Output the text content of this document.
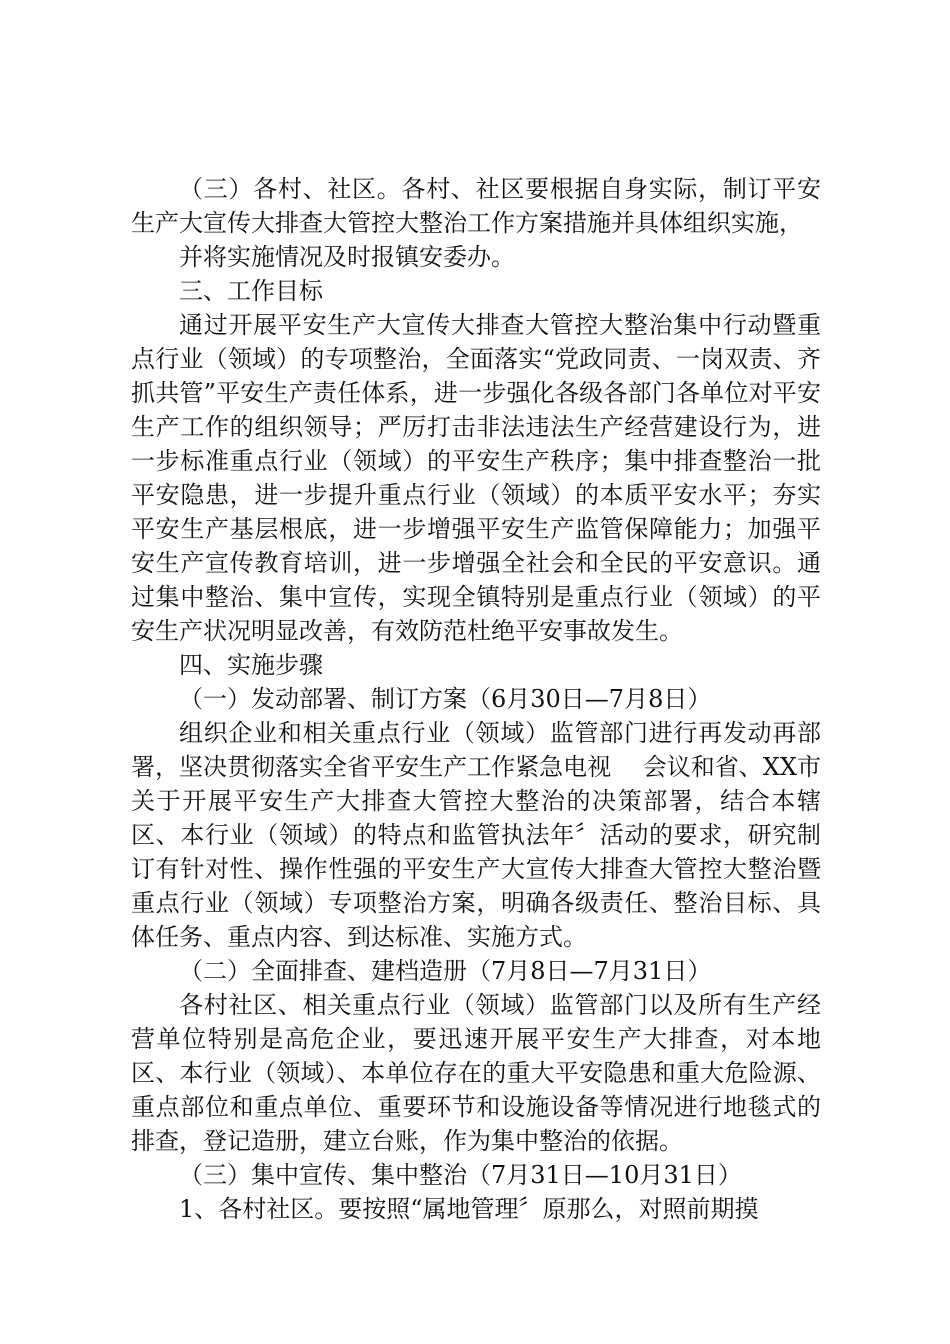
（三）各村、社区。各村、社区要根据自身实际，制订平安生产大宣传大排查大管控大整治工作方案措施并具体组织实施，

并将实施情况及时报镇安委办。

三、工作目标

通过开展平安生产大宣传大排查大管控大整治集中行动暨重点行业（领域）的专项整治，全面落实“党政同责、一岗双责、齐抓共管”平安生产责任体系，进一步强化各级各部门各单位对平安生产工作的组织领导；严厉打击非法违法生产经营建设行为，进一步标准重点行业（领域）的平安生产秩序；集中排查整治一批平安隐患，进一步提升重点行业（领域）的本质平安水平；夯实平安生产基层根底，进一步增强平安生产监管保障能力；加强平安生产宣传教育培训，进一步增强全社会和全民的平安意识。通过集中整治、集中宣传，实现全镇特别是重点行业（领域）的平安生产状况明显改善，有效防范杜绝平安事故发生。

四、实施步骤

（一）发动部署、制订方案（6月30日—7月8日）

组织企业和相关重点行业（领域）监管部门进行再发动再部署，坚决贯彻落实全省平安生产工作紧急电视　 会议和省、XX市关于开展平安生产大排查大管控大整治的决策部署，结合本辖区、本行业（领域）的特点和监管执法年〞活动的要求，研究制订有针对性、操作性强的平安生产大宣传大排查大管控大整治暨重点行业（领域）专项整治方案，明确各级责任、整治目标、具体任务、重点内容、到达标准、实施方式。

（二）全面排查、建档造册（7月8日—7月31日）

各村社区、相关重点行业（领域）监管部门以及所有生产经营单位特别是高危企业，要迅速开展平安生产大排查，对本地区、本行业（领域）、本单位存在的重大平安隐患和重大危险源、重点部位和重点单位、重要环节和设施设备等情况进行地毯式的排查，登记造册，建立台账，作为集中整治的依据。

（三）集中宣传、集中整治（7月31日—10月31日）

1、各村社区。要按照“属地管理〞原那么，对照前期摸
